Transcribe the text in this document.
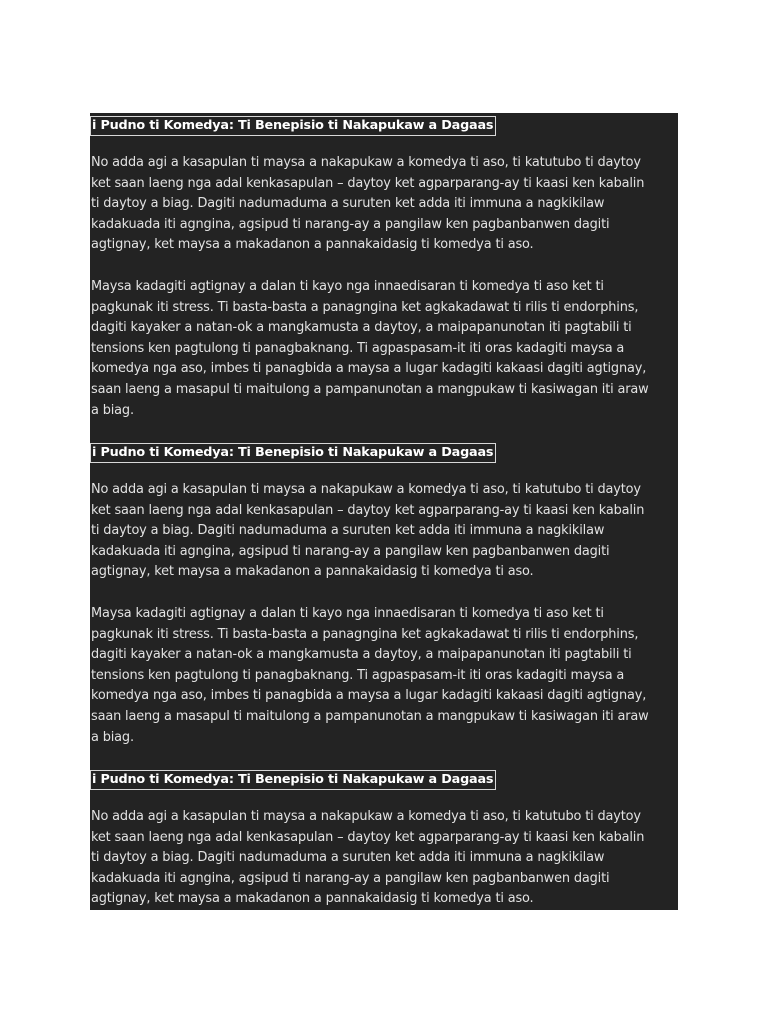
i Pudno ti Komedya: Ti Benepisio ti Nakapukaw a Dagaas
No adda agi a kasapulan ti maysa a nakapukaw a komedya ti aso, ti katutubo ti daytoy
ket saan laeng nga adal kenkasapulan – daytoy ket agparparang-ay ti kaasi ken kabalin
ti daytoy a biag. Dagiti nadumaduma a suruten ket adda iti immuna a nagkikilaw
kadakuada iti agngina, agsipud ti narang-ay a pangilaw ken pagbanbanwen dagiti
agtignay, ket maysa a makadanon a pannakaidasig ti komedya ti aso.
Maysa kadagiti agtignay a dalan ti kayo nga innaedisaran ti komedya ti aso ket ti
pagkunak iti stress. Ti basta-basta a panagngina ket agkakadawat ti rilis ti endorphins,
dagiti kayaker a natan-ok a mangkamusta a daytoy, a maipapanunotan iti pagtabili ti
tensions ken pagtulong ti panagbaknang. Ti agpaspasam-it iti oras kadagiti maysa a
komedya nga aso, imbes ti panagbida a maysa a lugar kadagiti kakaasi dagiti agtignay,
saan laeng a masapul ti maitulong a pampanunotan a mangpukaw ti kasiwagan iti araw
a biag.
i Pudno ti Komedya: Ti Benepisio ti Nakapukaw a Dagaas
No adda agi a kasapulan ti maysa a nakapukaw a komedya ti aso, ti katutubo ti daytoy
ket saan laeng nga adal kenkasapulan – daytoy ket agparparang-ay ti kaasi ken kabalin
ti daytoy a biag. Dagiti nadumaduma a suruten ket adda iti immuna a nagkikilaw
kadakuada iti agngina, agsipud ti narang-ay a pangilaw ken pagbanbanwen dagiti
agtignay, ket maysa a makadanon a pannakaidasig ti komedya ti aso.
Maysa kadagiti agtignay a dalan ti kayo nga innaedisaran ti komedya ti aso ket ti
pagkunak iti stress. Ti basta-basta a panagngina ket agkakadawat ti rilis ti endorphins,
dagiti kayaker a natan-ok a mangkamusta a daytoy, a maipapanunotan iti pagtabili ti
tensions ken pagtulong ti panagbaknang. Ti agpaspasam-it iti oras kadagiti maysa a
komedya nga aso, imbes ti panagbida a maysa a lugar kadagiti kakaasi dagiti agtignay,
saan laeng a masapul ti maitulong a pampanunotan a mangpukaw ti kasiwagan iti araw
a biag.
i Pudno ti Komedya: Ti Benepisio ti Nakapukaw a Dagaas
No adda agi a kasapulan ti maysa a nakapukaw a komedya ti aso, ti katutubo ti daytoy
ket saan laeng nga adal kenkasapulan – daytoy ket agparparang-ay ti kaasi ken kabalin
ti daytoy a biag. Dagiti nadumaduma a suruten ket adda iti immuna a nagkikilaw
kadakuada iti agngina, agsipud ti narang-ay a pangilaw ken pagbanbanwen dagiti
agtignay, ket maysa a makadanon a pannakaidasig ti komedya ti aso.
